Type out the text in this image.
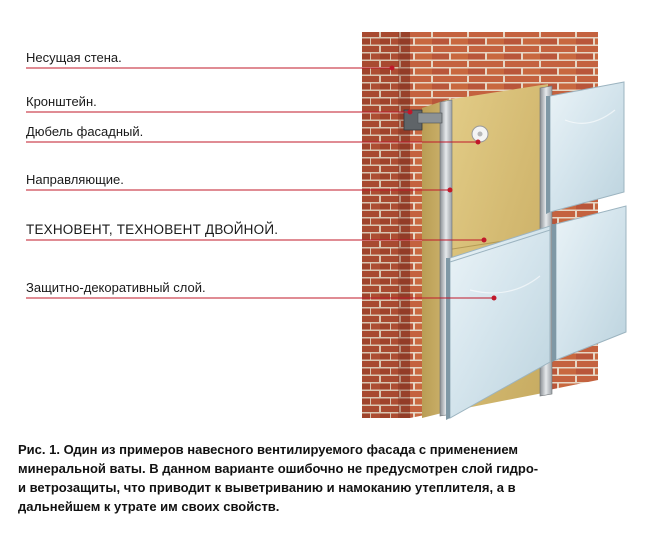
Несущая стена.
Кронштейн.
Дюбель фасадный.
Направляющие.
ТЕХНОВЕНТ, ТЕХНОВЕНТ ДВОЙНОЙ.
Защитно-декоративный слой.
Рис. 1. Один из примеров навесного вентилируемого фасада с применением
минеральной ваты. В данном варианте ошибочно не предусмотрен слой гидро-
и ветрозащиты, что приводит к выветриванию и намоканию утеплителя, а в
дальнейшем к утрате им своих свойств.
